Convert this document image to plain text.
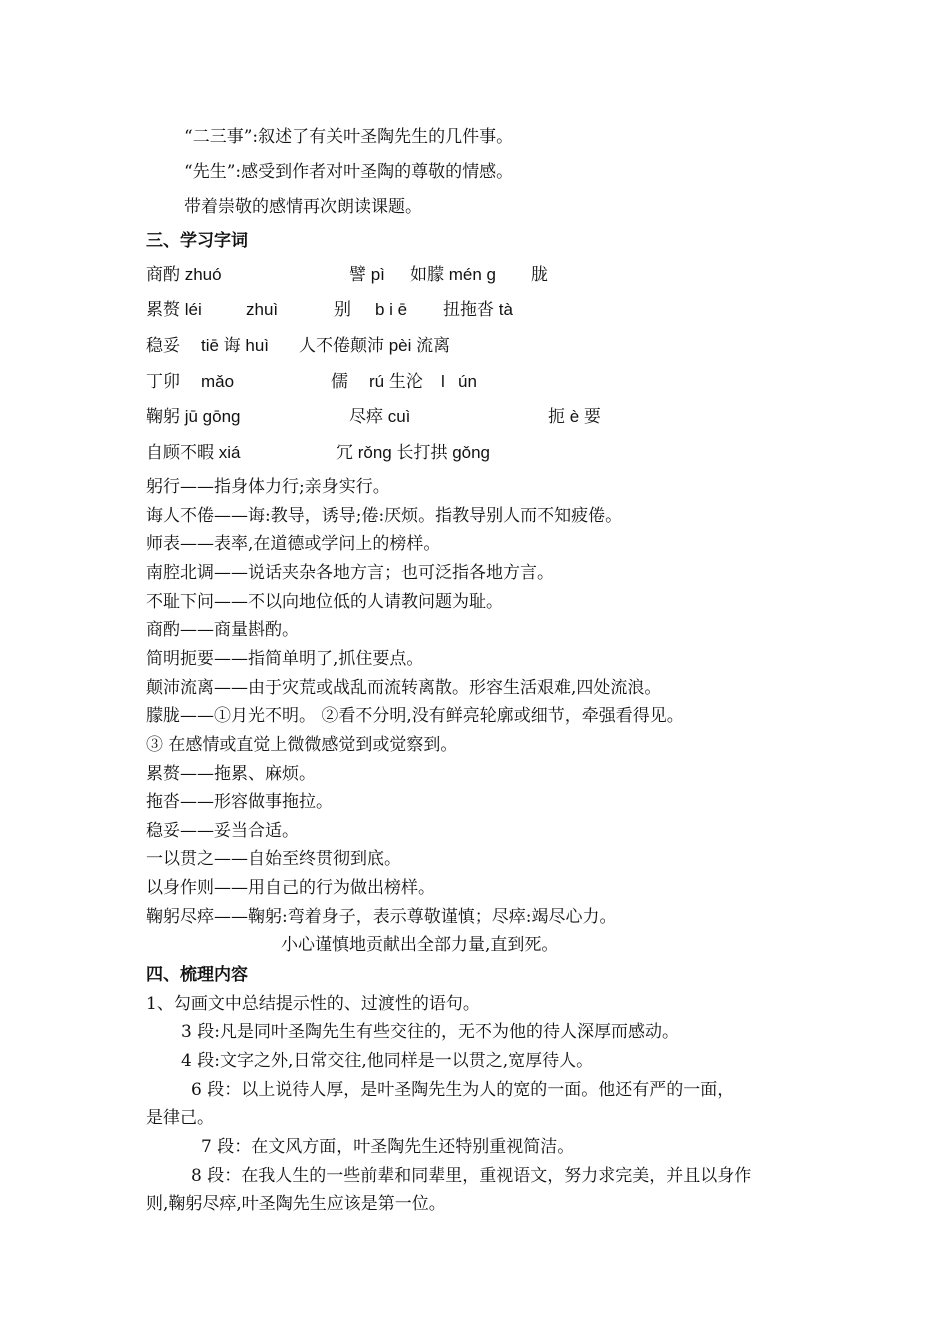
“二三事”:叙述了有关叶圣陶先生的几件事。
“先生”:感受到作者对叶圣陶的尊敬的情感。
带着崇敬的感情再次朗读课题。
三、学习字词
商酌 zhuó	譬 pì 如朦 mén ɡ 胧
累赘 léi	zhuì	别 b i ē 扭拖沓 tà
稳妥 tiē 诲 huì 人不倦颠沛 pèi 流离
丁卯 mǎo	儒 rú 生沦 l ún
鞠躬 jū gōng	尽瘁 cuì	扼 è 要
自顾不暇 xiá	冗 rǒng 长打拱 gǒng
躬行——指身体力行;亲身实行。
诲人不倦——诲:教导，诱导;倦:厌烦。指教导别人而不知疲倦。
师表——表率,在道德或学问上的榜样。
南腔北调——说话夹杂各地方言；也可泛指各地方言。
不耻下问——不以向地位低的人请教问题为耻。
商酌——商量斟酌。
简明扼要——指简单明了,抓住要点。
颠沛流离——由于灾荒或战乱而流转离散。形容生活艰难,四处流浪。
朦胧——①月光不明。 ②看不分明,没有鲜亮轮廓或细节，牵强看得见。
③ 在感情或直觉上微微感觉到或觉察到。
累赘——拖累、麻烦。
拖沓——形容做事拖拉。
稳妥——妥当合适。
一以贯之——自始至终贯彻到底。
以身作则——用自己的行为做出榜样。
鞠躬尽瘁——鞠躬:弯着身子，表示尊敬谨慎；尽瘁:竭尽心力。
小心谨慎地贡献出全部力量,直到死。
四、梳理内容
1、勾画文中总结提示性的、过渡性的语句。
3 段:凡是同叶圣陶先生有些交往的，无不为他的待人深厚而感动。
4 段:文字之外,日常交往,他同样是一以贯之,宽厚待人。
6 段：以上说待人厚，是叶圣陶先生为人的宽的一面。他还有严的一面，
是律己。
7 段：在文风方面，叶圣陶先生还特别重视简洁。
8 段：在我人生的一些前辈和同辈里，重视语文，努力求完美，并且以身作
则,鞠躬尽瘁,叶圣陶先生应该是第一位。
